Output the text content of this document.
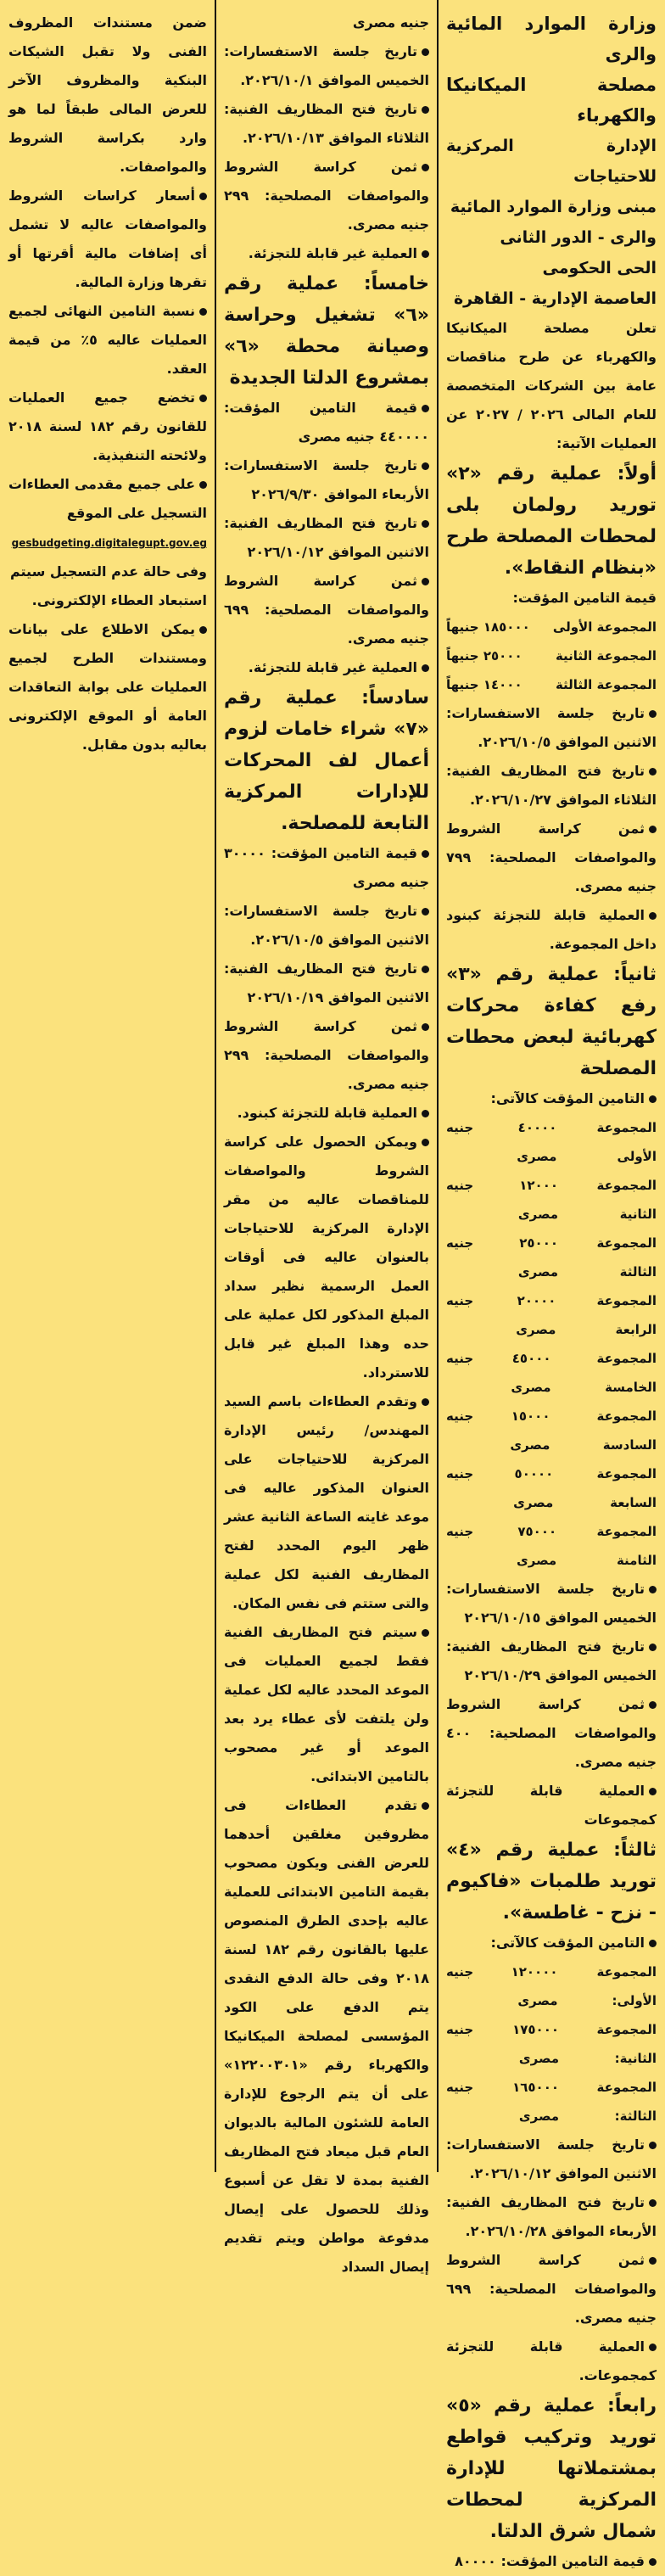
وزارة الموارد المائية والرى

مصلحة الميكانيكا والكهرباء

الإدارة المركزية للاحتياجات

مبنى وزارة الموارد المائية

والرى - الدور الثانى

الحى الحكومى

العاصمة الإدارية - القاهرة

تعلن مصلحة الميكانيكا والكهرباء عن طرح مناقصات عامة بين الشركات المتخصصة للعام المالى ٢٠٢٦ / ٢٠٢٧ عن العمليات الآتية:

أولاً: عملية رقم «٢» توريد رولمان بلى لمحطات المصلحة طرح «بنظام النقاط».

قيمة التامين المؤقت:

المجموعة الأولى
١٨٥٠٠٠ جنيهاً
المجموعة الثانية
٢٥٠٠٠ جنيهاً
المجموعة الثالثة
١٤٠٠٠ جنيهاً

تاريخ جلسة الاستفسارات: الاثنين الموافق ٢٠٢٦/١٠/٥.

تاريخ فتح المظاريف الفنية: الثلاثاء الموافق ٢٠٢٦/١٠/٢٧.

ثمن كراسة الشروط والمواصفات المصلحية: ٧٩٩ جنيه مصرى.

العملية قابلة للتجزئة كبنود داخل المجموعة.

ثانياً: عملية رقم «٣» رفع كفاءة محركات كهربائية لبعض محطات المصلحة

التامين المؤقت كالآتى:

المجموعة الأولى
٤٠٠٠٠ جنيه مصرى
المجموعة الثانية
١٢٠٠٠ جنيه مصرى
المجموعة الثالثة
٢٥٠٠٠ جنيه مصرى
المجموعة الرابعة
٢٠٠٠٠ جنيه مصرى
المجموعة الخامسة
٤٥٠٠٠ جنيه مصرى
المجموعة السادسة
١٥٠٠٠ جنيه مصرى
المجموعة السابعة
٥٠٠٠٠ جنيه مصرى
المجموعة الثامنة
٧٥٠٠٠ جنيه مصرى

تاريخ جلسة الاستفسارات: الخميس الموافق ٢٠٢٦/١٠/١٥

تاريخ فتح المظاريف الفنية: الخميس الموافق ٢٠٢٦/١٠/٢٩

ثمن كراسة الشروط والمواصفات المصلحية: ٤٠٠ جنيه مصرى.

العملية قابلة للتجزئة كمجموعات

ثالثاً: عملية رقم «٤» توريد طلمبات «فاكيوم - نزح - غاطسة».

التامين المؤقت كالآتى:

المجموعة الأولى:
١٢٠٠٠٠ جنيه مصرى
المجموعة الثانية:
١٧٥٠٠٠ جنيه مصرى
المجموعة الثالثة:
١٦٥٠٠٠ جنيه مصرى

تاريخ جلسة الاستفسارات: الاثنين الموافق ٢٠٢٦/١٠/١٢.

تاريخ فتح المظاريف الفنية: الأربعاء الموافق ٢٠٢٦/١٠/٢٨.

ثمن كراسة الشروط والمواصفات المصلحية: ٦٩٩ جنيه مصرى.

العملية قابلة للتجزئة كمجموعات.

رابعاً: عملية رقم «٥» توريد وتركيب قواطع بمشتملاتها للإدارة المركزية لمحطات شمال شرق الدلتا.

قيمة التامين المؤقت: ٨٠٠٠٠

جنيه مصرى

تاريخ جلسة الاستفسارات: الخميس الموافق ٢٠٢٦/١٠/١.

تاريخ فتح المظاريف الفنية: الثلاثاء الموافق ٢٠٢٦/١٠/١٣.

ثمن كراسة الشروط والمواصفات المصلحية: ٢٩٩ جنيه مصرى.

العملية غير قابلة للتجزئة.

خامساً: عملية رقم «٦» تشغيل وحراسة وصيانة محطة «٦» بمشروع الدلتا الجديدة

قيمة التامين المؤقت: ٤٤٠٠٠٠ جنيه مصرى

تاريخ جلسة الاستفسارات: الأربعاء الموافق ٢٠٢٦/٩/٣٠

تاريخ فتح المظاريف الفنية: الاثنين الموافق ٢٠٢٦/١٠/١٢

ثمن كراسة الشروط والمواصفات المصلحية: ٦٩٩ جنيه مصرى.

العملية غير قابلة للتجزئة.

سادساً: عملية رقم «٧» شراء خامات لزوم أعمال لف المحركات للإدارات المركزية التابعة للمصلحة.

قيمة التامين المؤقت: ٣٠٠٠٠ جنيه مصرى

تاريخ جلسة الاستفسارات: الاثنين الموافق ٢٠٢٦/١٠/٥.

تاريخ فتح المظاريف الفنية: الاثنين الموافق ٢٠٢٦/١٠/١٩

ثمن كراسة الشروط والمواصفات المصلحية: ٢٩٩ جنيه مصرى.

العملية قابلة للتجزئة كبنود.

ويمكن الحصول على كراسة الشروط والمواصفات للمناقصات عاليه من مقر الإدارة المركزية للاحتياجات بالعنوان عاليه فى أوقات العمل الرسمية نظير سداد المبلغ المذكور لكل عملية على حده وهذا المبلغ غير قابل للاسترداد.

وتقدم العطاءات باسم السيد المهندس/ رئيس الإدارة المركزية للاحتياجات على العنوان المذكور عاليه فى موعد غايته الساعة الثانية عشر ظهر اليوم المحدد لفتح المظاريف الفنية لكل عملية والتى ستتم فى نفس المكان.

سيتم فتح المظاريف الفنية فقط لجميع العمليات فى الموعد المحدد عاليه لكل عملية ولن يلتفت لأى عطاء يرد بعد الموعد أو غير مصحوب بالتامين الابتدائى.

تقدم العطاءات فى مظروفين مغلقين أحدهما للعرض الفنى ويكون مصحوب بقيمة التامين الابتدائى للعملية عاليه بإحدى الطرق المنصوص عليها بالقانون رقم ١٨٢ لسنة ٢٠١٨ وفى حالة الدفع النقدى يتم الدفع على الكود المؤسسى لمصلحة الميكانيكا والكهرباء رقم «١٢٢٠٠٣٠١» على أن يتم الرجوع للإدارة العامة للشئون المالية بالديوان العام قبل ميعاد فتح المظاريف الفنية بمدة لا تقل عن أسبوع وذلك للحصول على إيصال مدفوعة مواطن ويتم تقديم إيصال السداد

ضمن مستندات المظروف الفنى ولا تقبل الشيكات البنكية والمظروف الآخر للعرض المالى طبقاً لما هو وارد بكراسة الشروط والمواصفات.

أسعار كراسات الشروط والمواصفات عاليه لا تشمل أى إضافات مالية أقرتها أو تقرها وزارة المالية.

نسبة التامين النهائى لجميع العمليات عاليه ٥٪ من قيمة العقد.

تخضع جميع العمليات للقانون رقم ١٨٢ لسنة ٢٠١٨ ولائحته التنفيذية.

على جميع مقدمى العطاءات التسجيل على الموقع

gesbudgeting.digitalegupt.gov.eg

وفى حالة عدم التسجيل سيتم

استبعاد العطاء الإلكترونى.

يمكن الاطلاع على بيانات ومستندات الطرح لجميع العمليات على بوابة التعاقدات العامة أو الموقع الإلكترونى بعاليه بدون مقابل.
